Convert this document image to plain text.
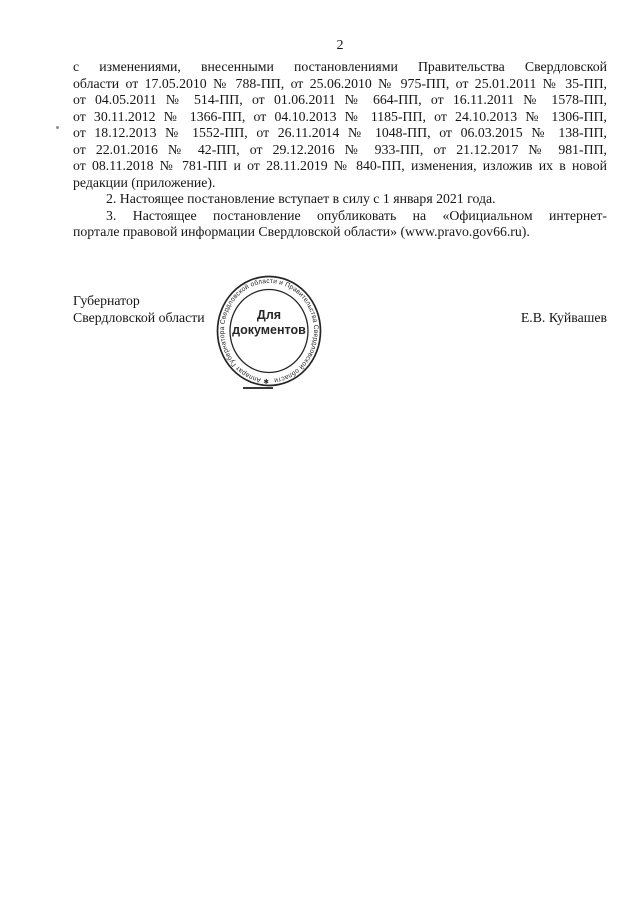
2
с изменениями, внесенными постановлениями Правительства Свердловской
области от 17.05.2010 № 788-ПП, от 25.06.2010 № 975-ПП, от 25.01.2011 № 35-ПП,
от 04.05.2011 № 514-ПП, от 01.06.2011 № 664-ПП, от 16.11.2011 № 1578-ПП,
от 30.11.2012 № 1366-ПП, от 04.10.2013 № 1185-ПП, от 24.10.2013 № 1306-ПП,
от 18.12.2013 № 1552-ПП, от 26.11.2014 № 1048-ПП, от 06.03.2015 № 138-ПП,
от 22.01.2016 № 42-ПП, от 29.12.2016 № 933-ПП, от 21.12.2017 № 981-ПП,
от 08.11.2018 № 781-ПП и от 28.11.2019 № 840-ПП, изменения, изложив их в новой
редакции (приложение).
2. Настоящее постановление вступает в силу с 1 января 2021 года.
3. Настоящее постановление опубликовать на «Официальном интернет-
портале правовой информации Свердловской области» (www.pravo.gov66.ru).
Губернатор
Свердловской области	Е.В. Куйвашев
✱ Аппарат Губернатора Свердловской области и Правительства Свердловской области
Для
документов
